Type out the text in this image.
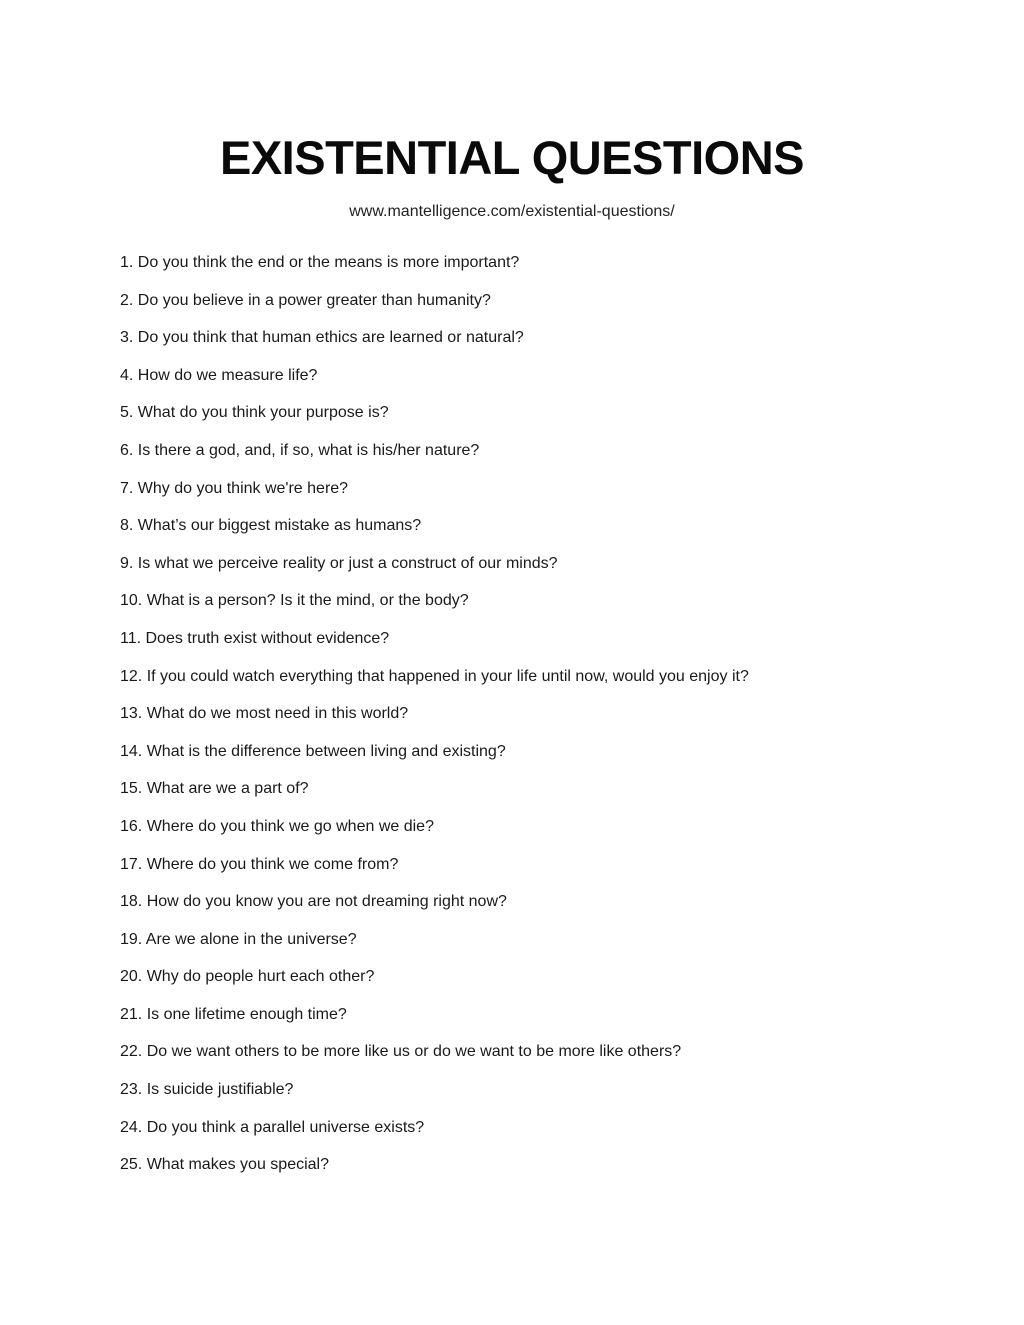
EXISTENTIAL QUESTIONS
www.mantelligence.com/existential-questions/
1. Do you think the end or the means is more important?
2. Do you believe in a power greater than humanity?
3. Do you think that human ethics are learned or natural?
4. How do we measure life?
5. What do you think your purpose is?
6. Is there a god, and, if so, what is his/her nature?
7. Why do you think we're here?
8. What’s our biggest mistake as humans?
9. Is what we perceive reality or just a construct of our minds?
10. What is a person? Is it the mind, or the body?
11. Does truth exist without evidence?
12. If you could watch everything that happened in your life until now, would you enjoy it?
13. What do we most need in this world?
14. What is the difference between living and existing?
15. What are we a part of?
16. Where do you think we go when we die?
17. Where do you think we come from?
18. How do you know you are not dreaming right now?
19. Are we alone in the universe?
20. Why do people hurt each other?
21. Is one lifetime enough time?
22. Do we want others to be more like us or do we want to be more like others?
23. Is suicide justifiable?
24. Do you think a parallel universe exists?
25. What makes you special?
